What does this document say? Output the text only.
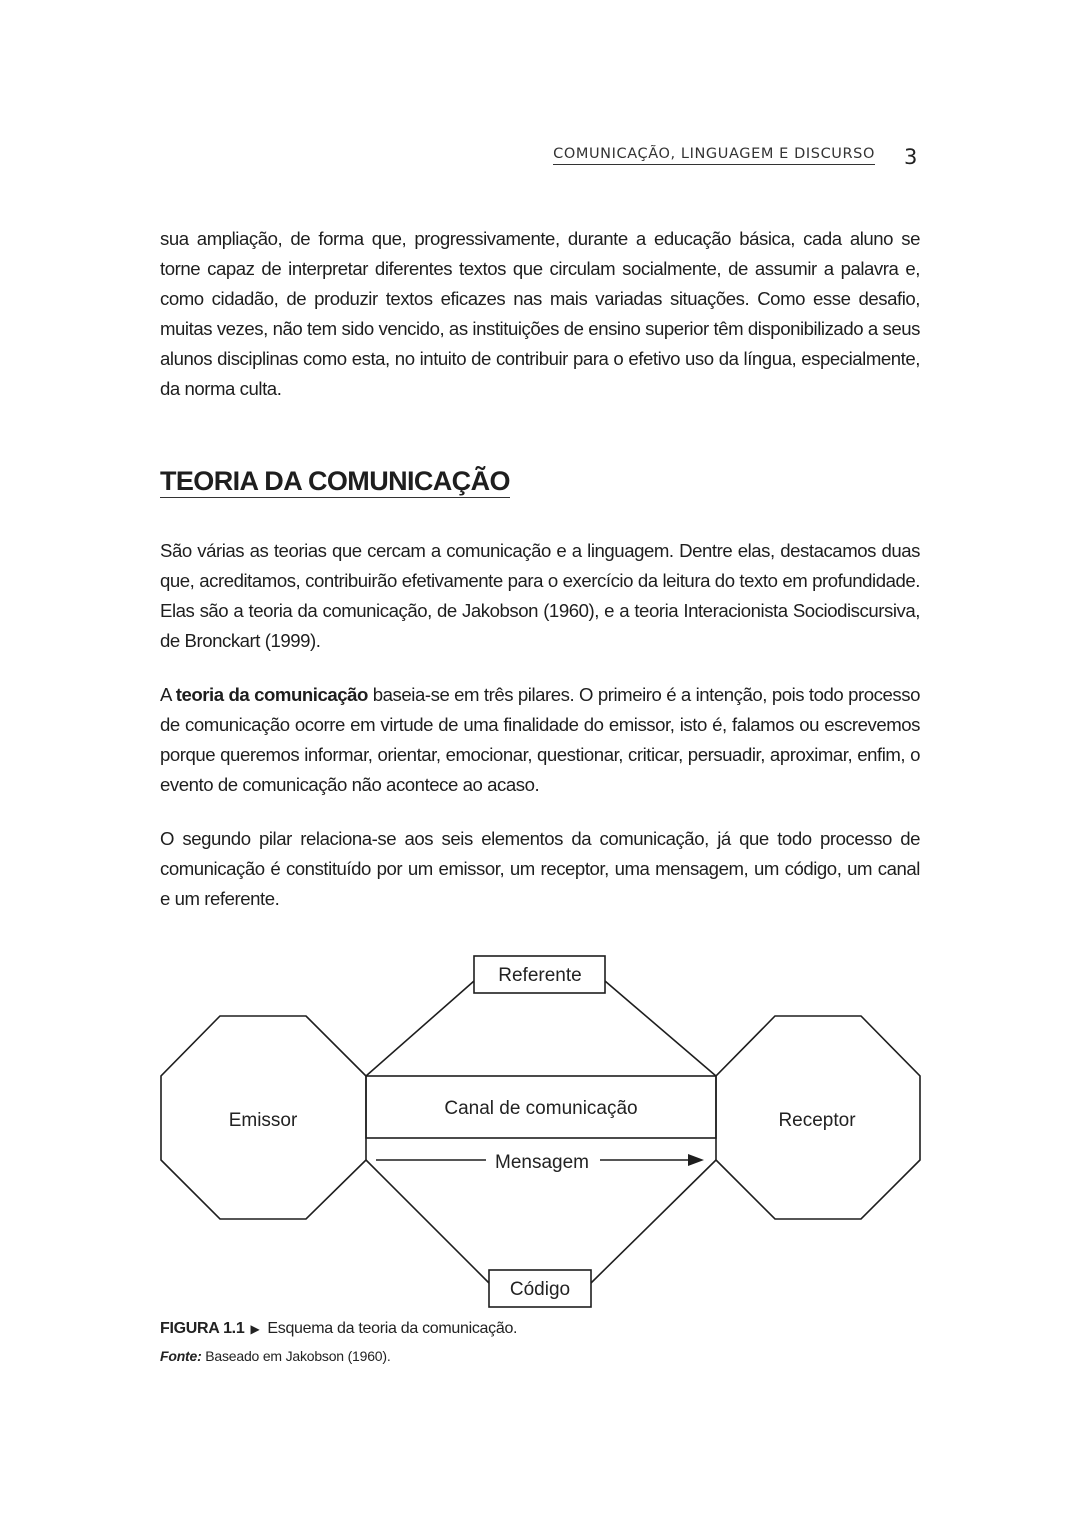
COMUNICAÇÃO, LINGUAGEM E DISCURSO 3

sua ampliação, de forma que, progressivamente, durante a educação básica, cada aluno se torne capaz de interpretar diferentes textos que circulam socialmente, de assumir a palavra e, como cidadão, de produzir textos eficazes nas mais variadas situações. Como esse desafio, muitas vezes, não tem sido vencido, as instituições de ensino superior têm disponibilizado a seus alunos disciplinas como esta, no intuito de contribuir para o efetivo uso da língua, especialmente, da norma culta.

TEORIA DA COMUNICAÇÃO

São várias as teorias que cercam a comunicação e a linguagem. Dentre elas, destacamos duas que, acreditamos, contribuirão efetivamente para o exercício da leitura do texto em profundidade. Elas são a teoria da comunicação, de Jakobson (1960), e a teoria Interacionista Sociodiscursiva, de Bronckart (1999).

A teoria da comunicação baseia-se em três pilares. O primeiro é a intenção, pois todo processo de comunicação ocorre em virtude de uma finalidade do emissor, isto é, falamos ou escrevemos porque queremos informar, orientar, emocionar, questionar, criticar, persuadir, aproximar, enfim, o evento de comunicação não acontece ao acaso.

O segundo pilar relaciona-se aos seis elementos da comunicação, já que todo processo de comunicação é constituído por um emissor, um receptor, uma mensagem, um código, um canal e um referente.

Referente
Emissor
Canal de comunicação
Mensagem
Receptor
Código

FIGURA 1.1 ▶ Esquema da teoria da comunicação.

Fonte: Baseado em Jakobson (1960).
